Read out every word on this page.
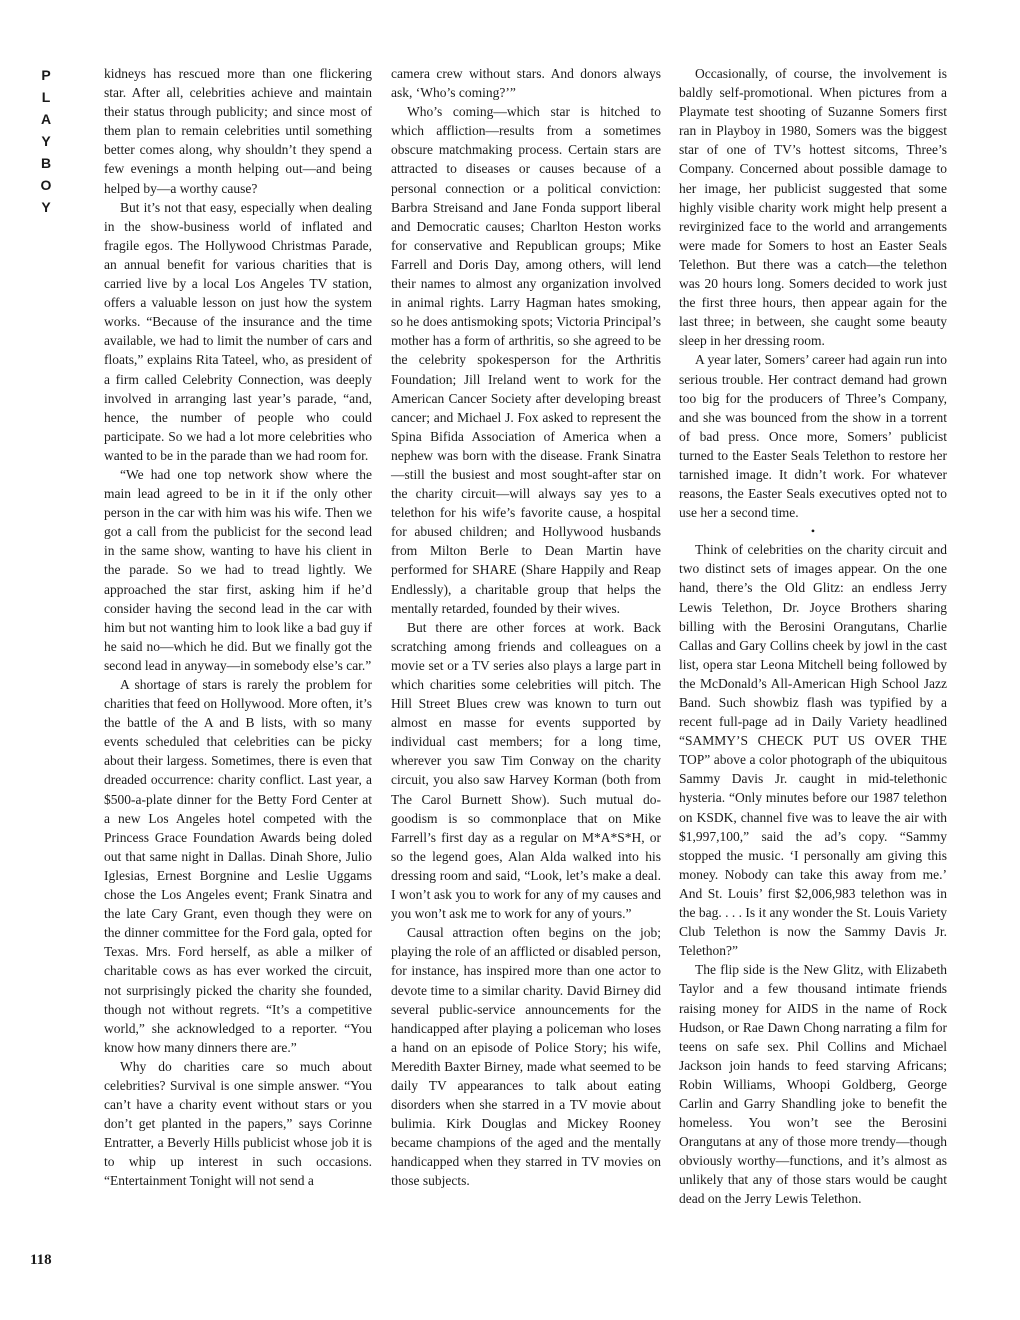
P
L
A
Y
B
O
Y

kidneys has rescued more than one flickering star. After all, celebrities achieve and maintain their status through publicity; and since most of them plan to remain celebrities until something better comes along, why shouldn’t they spend a few evenings a month helping out—and being helped by—a worthy cause?

But it’s not that easy, especially when dealing in the show-business world of inflated and fragile egos. The Hollywood Christmas Parade, an annual benefit for various charities that is carried live by a local Los Angeles TV station, offers a valuable lesson on just how the system works. “Because of the insurance and the time available, we had to limit the number of cars and floats,” explains Rita Tateel, who, as president of a firm called Celebrity Connection, was deeply involved in arranging last year’s parade, “and, hence, the number of people who could participate. So we had a lot more celebrities who wanted to be in the parade than we had room for.

“We had one top network show where the main lead agreed to be in it if the only other person in the car with him was his wife. Then we got a call from the publicist for the second lead in the same show, wanting to have his client in the parade. So we had to tread lightly. We approached the star first, asking him if he’d consider having the second lead in the car with him but not wanting him to look like a bad guy if he said no—which he did. But we finally got the second lead in anyway—in somebody else’s car.”

A shortage of stars is rarely the problem for charities that feed on Hollywood. More often, it’s the battle of the A and B lists, with so many events scheduled that celebrities can be picky about their largess. Sometimes, there is even that dreaded occurrence: charity conflict. Last year, a $500-a-plate dinner for the Betty Ford Center at a new Los Angeles hotel competed with the Princess Grace Foundation Awards being doled out that same night in Dallas. Dinah Shore, Julio Iglesias, Ernest Borgnine and Leslie Uggams chose the Los Angeles event; Frank Sinatra and the late Cary Grant, even though they were on the dinner committee for the Ford gala, opted for Texas. Mrs. Ford herself, as able a milker of charitable cows as has ever worked the circuit, not surprisingly picked the charity she founded, though not without regrets. “It’s a competitive world,” she acknowledged to a reporter. “You know how many dinners there are.”

Why do charities care so much about celebrities? Survival is one simple answer. “You can’t have a charity event without stars or you don’t get planted in the papers,” says Corinne Entratter, a Beverly Hills publicist whose job it is to whip up interest in such occasions. “Entertainment Tonight will not send a

camera crew without stars. And donors always ask, ‘Who’s coming?’”

Who’s coming—which star is hitched to which affliction—results from a sometimes obscure matchmaking process. Certain stars are attracted to diseases or causes because of a personal connection or a political conviction: Barbra Streisand and Jane Fonda support liberal and Democratic causes; Charlton Heston works for conservative and Republican groups; Mike Farrell and Doris Day, among others, will lend their names to almost any organization involved in animal rights. Larry Hagman hates smoking, so he does antismoking spots; Victoria Principal’s mother has a form of arthritis, so she agreed to be the celebrity spokesperson for the Arthritis Foundation; Jill Ireland went to work for the American Cancer Society after developing breast cancer; and Michael J. Fox asked to represent the Spina Bifida Association of America when a nephew was born with the disease. Frank Sinatra—still the busiest and most sought-after star on the charity circuit—will always say yes to a telethon for his wife’s favorite cause, a hospital for abused children; and Hollywood husbands from Milton Berle to Dean Martin have performed for SHARE (Share Happily and Reap Endlessly), a charitable group that helps the mentally retarded, founded by their wives.

But there are other forces at work. Back scratching among friends and colleagues on a movie set or a TV series also plays a large part in which charities some celebrities will pitch. The Hill Street Blues crew was known to turn out almost en masse for events supported by individual cast members; for a long time, wherever you saw Tim Conway on the charity circuit, you also saw Harvey Korman (both from The Carol Burnett Show). Such mutual do-goodism is so commonplace that on Mike Farrell’s first day as a regular on M*A*S*H, or so the legend goes, Alan Alda walked into his dressing room and said, “Look, let’s make a deal. I won’t ask you to work for any of my causes and you won’t ask me to work for any of yours.”

Causal attraction often begins on the job; playing the role of an afflicted or disabled person, for instance, has inspired more than one actor to devote time to a similar charity. David Birney did several public-service announcements for the handicapped after playing a policeman who loses a hand on an episode of Police Story; his wife, Meredith Baxter Birney, made what seemed to be daily TV appearances to talk about eating disorders when she starred in a TV movie about bulimia. Kirk Douglas and Mickey Rooney became champions of the aged and the mentally handicapped when they starred in TV movies on those subjects.

Occasionally, of course, the involvement is baldly self-promotional. When pictures from a Playmate test shooting of Suzanne Somers first ran in Playboy in 1980, Somers was the biggest star of one of TV’s hottest sitcoms, Three’s Company. Concerned about possible damage to her image, her publicist suggested that some highly visible charity work might help present a revirginized face to the world and arrangements were made for Somers to host an Easter Seals Telethon. But there was a catch—the telethon was 20 hours long. Somers decided to work just the first three hours, then appear again for the last three; in between, she caught some beauty sleep in her dressing room.

A year later, Somers’ career had again run into serious trouble. Her contract demand had grown too big for the producers of Three’s Company, and she was bounced from the show in a torrent of bad press. Once more, Somers’ publicist turned to the Easter Seals Telethon to restore her tarnished image. It didn’t work. For whatever reasons, the Easter Seals executives opted not to use her a second time.

•

Think of celebrities on the charity circuit and two distinct sets of images appear. On the one hand, there’s the Old Glitz: an endless Jerry Lewis Telethon, Dr. Joyce Brothers sharing billing with the Berosini Orangutans, Charlie Callas and Gary Collins cheek by jowl in the cast list, opera star Leona Mitchell being followed by the McDonald’s All-American High School Jazz Band. Such showbiz flash was typified by a recent full-page ad in Daily Variety headlined “SAMMY’S CHECK PUT US OVER THE TOP” above a color photograph of the ubiquitous Sammy Davis Jr. caught in mid-telethonic hysteria. “Only minutes before our 1987 telethon on KSDK, channel five was to leave the air with $1,997,100,” said the ad’s copy. “Sammy stopped the music. ‘I personally am giving this money. Nobody can take this away from me.’ And St. Louis’ first $2,006,983 telethon was in the bag. . . . Is it any wonder the St. Louis Variety Club Telethon is now the Sammy Davis Jr. Telethon?”

The flip side is the New Glitz, with Elizabeth Taylor and a few thousand intimate friends raising money for AIDS in the name of Rock Hudson, or Rae Dawn Chong narrating a film for teens on safe sex. Phil Collins and Michael Jackson join hands to feed starving Africans; Robin Williams, Whoopi Goldberg, George Carlin and Garry Shandling joke to benefit the homeless. You won’t see the Berosini Orangutans at any of those more trendy—though obviously worthy—functions, and it’s almost as unlikely that any of those stars would be caught dead on the Jerry Lewis Telethon.

118
